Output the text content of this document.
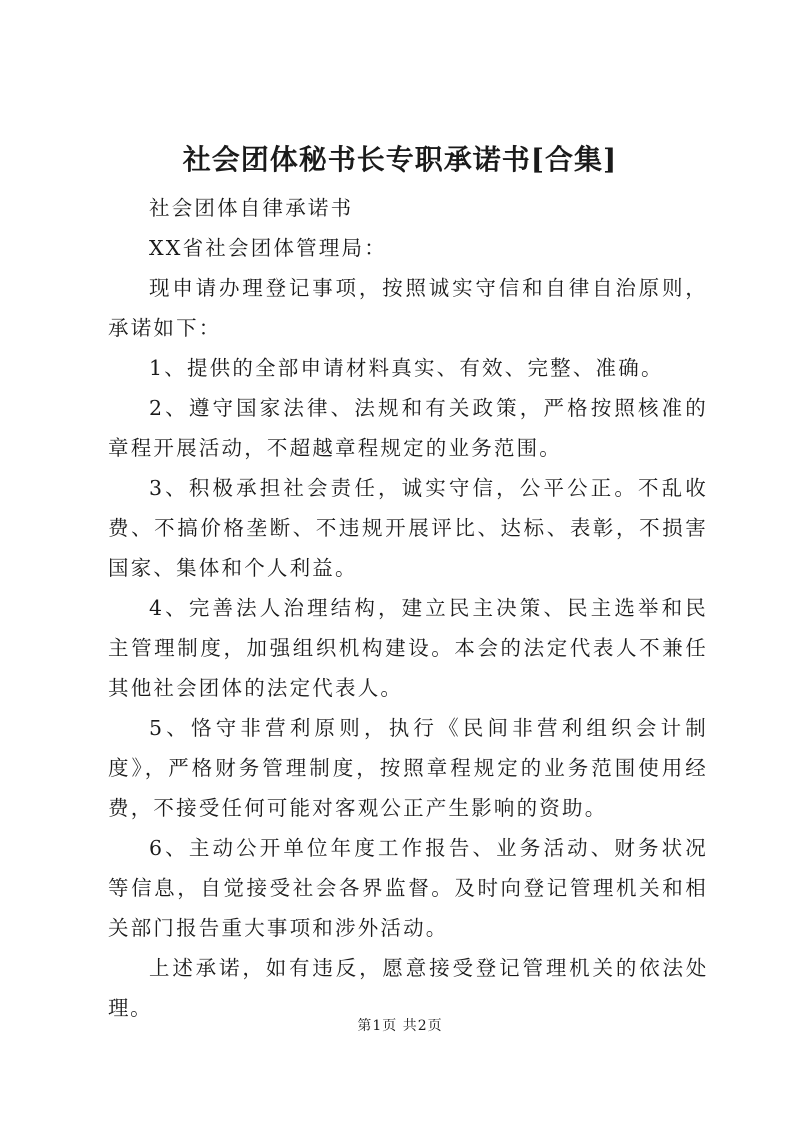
社会团体秘书长专职承诺书[合集]

社会团体自律承诺书

XX省社会团体管理局：

现申请办理登记事项，按照诚实守信和自律自治原则，承诺如下：

1、提供的全部申请材料真实、有效、完整、准确。

2、遵守国家法律、法规和有关政策，严格按照核准的章程开展活动，不超越章程规定的业务范围。

3、积极承担社会责任，诚实守信，公平公正。不乱收费、不搞价格垄断、不违规开展评比、达标、表彰，不损害国家、集体和个人利益。

4、完善法人治理结构，建立民主决策、民主选举和民主管理制度，加强组织机构建设。本会的法定代表人不兼任其他社会团体的法定代表人。

5、恪守非营利原则，执行《民间非营利组织会计制度》，严格财务管理制度，按照章程规定的业务范围使用经费，不接受任何可能对客观公正产生影响的资助。

6、主动公开单位年度工作报告、业务活动、财务状况等信息，自觉接受社会各界监督。及时向登记管理机关和相关部门报告重大事项和涉外活动。

上述承诺，如有违反，愿意接受登记管理机关的依法处理。

第1页 共2页
